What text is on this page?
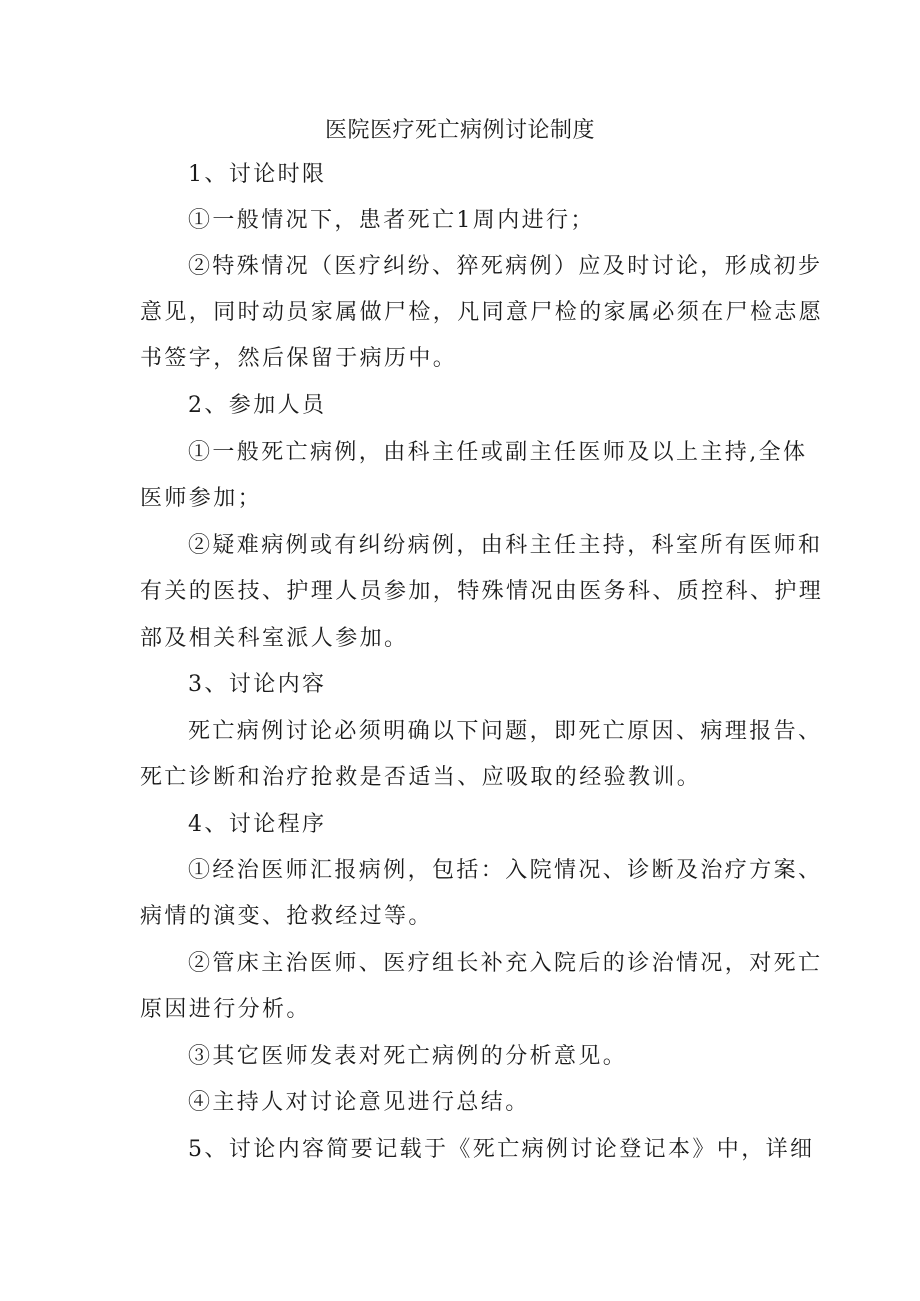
医院医疗死亡病例讨论制度
1、讨论时限
①一般情况下，患者死亡1周内进行；
②特殊情况（医疗纠纷、猝死病例）应及时讨论，形成初步
意见，同时动员家属做尸检，凡同意尸检的家属必须在尸检志愿
书签字，然后保留于病历中。
2、参加人员
①一般死亡病例，由科主任或副主任医师及以上主持,全体
医师参加；
②疑难病例或有纠纷病例，由科主任主持，科室所有医师和
有关的医技、护理人员参加，特殊情况由医务科、质控科、护理
部及相关科室派人参加。
3、讨论内容
死亡病例讨论必须明确以下问题，即死亡原因、病理报告、
死亡诊断和治疗抢救是否适当、应吸取的经验教训。
4、讨论程序
①经治医师汇报病例，包括：入院情况、诊断及治疗方案、
病情的演变、抢救经过等。
②管床主治医师、医疗组长补充入院后的诊治情况，对死亡
原因进行分析。
③其它医师发表对死亡病例的分析意见。
④主持人对讨论意见进行总结。
5、讨论内容简要记载于《死亡病例讨论登记本》中，详细
